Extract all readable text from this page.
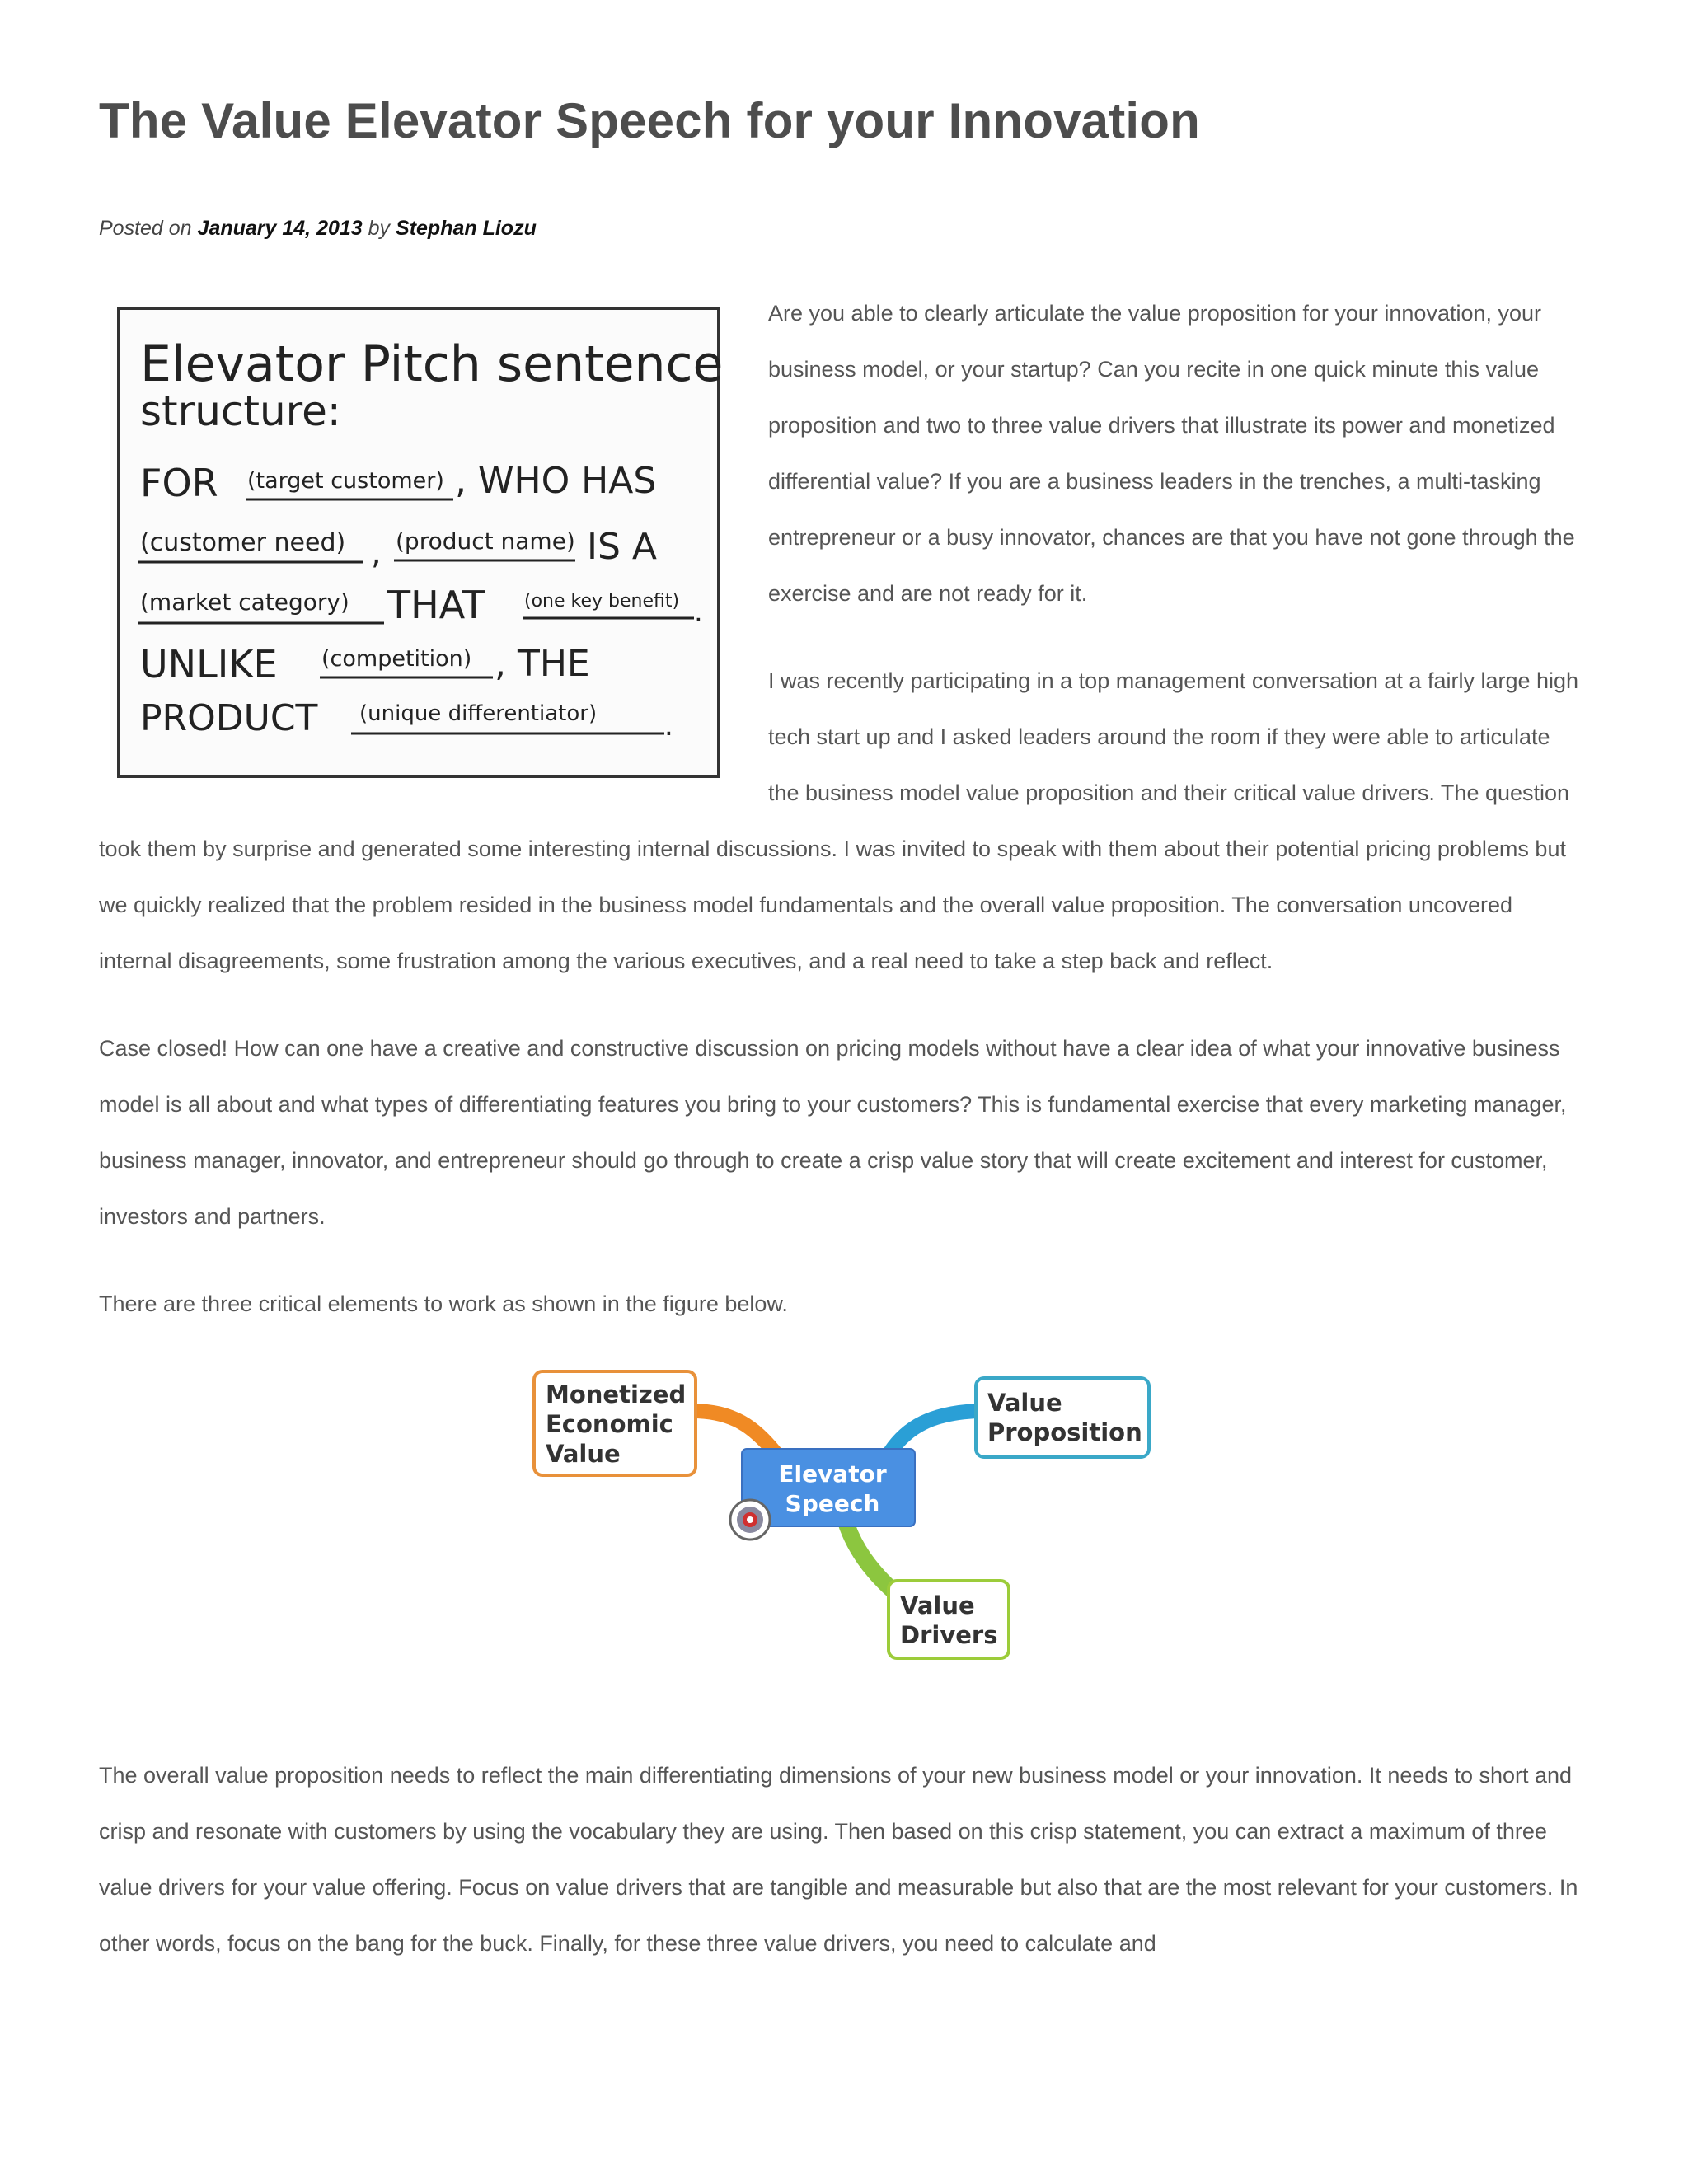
The Value Elevator Speech for your Innovation
Posted on January 14, 2013 by Stephan Liozu
Elevator Pitch sentence
structure:
FOR (target customer) , WHO HAS
(customer need) , (product name) IS A
(market category) THAT (one key benefit) .
UNLIKE (competition) , THE
PRODUCT (unique differentiator) .

Are you able to clearly articulate the value proposition for your innovation, your business model, or your startup? Can you recite in one quick minute this value proposition and two to three value drivers that illustrate its power and monetized differential value? If you are a business leaders in the trenches, a multi-tasking entrepreneur or a busy innovator, chances are that you have not gone through the exercise and are not ready for it.

I was recently participating in a top management conversation at a fairly large high tech start up and I asked leaders around the room if they were able to articulate the business model value proposition and their critical value drivers. The question took them by surprise and generated some interesting internal discussions. I was invited to speak with them about their potential pricing problems but we quickly realized that the problem resided in the business model fundamentals and the overall value proposition. The conversation uncovered internal disagreements, some frustration among the various executives, and a real need to take a step back and reflect.

Case closed! How can one have a creative and constructive discussion on pricing models without have a clear idea of what your innovative business model is all about and what types of differentiating features you bring to your customers? This is fundamental exercise that every marketing manager, business manager, innovator, and entrepreneur should go through to create a crisp value story that will create excitement and interest for customer, investors and partners.

There are three critical elements to work as shown in the figure below.

Monetized
Economic
Value
Value
Proposition
Elevator
Speech
Value
Drivers

The overall value proposition needs to reflect the main differentiating dimensions of your new business model or your innovation. It needs to short and crisp and resonate with customers by using the vocabulary they are using. Then based on this crisp statement, you can extract a maximum of three value drivers for your value offering. Focus on value drivers that are tangible and measurable but also that are the most relevant for your customers. In other words, focus on the bang for the buck. Finally, for these three value drivers, you need to calculate and
